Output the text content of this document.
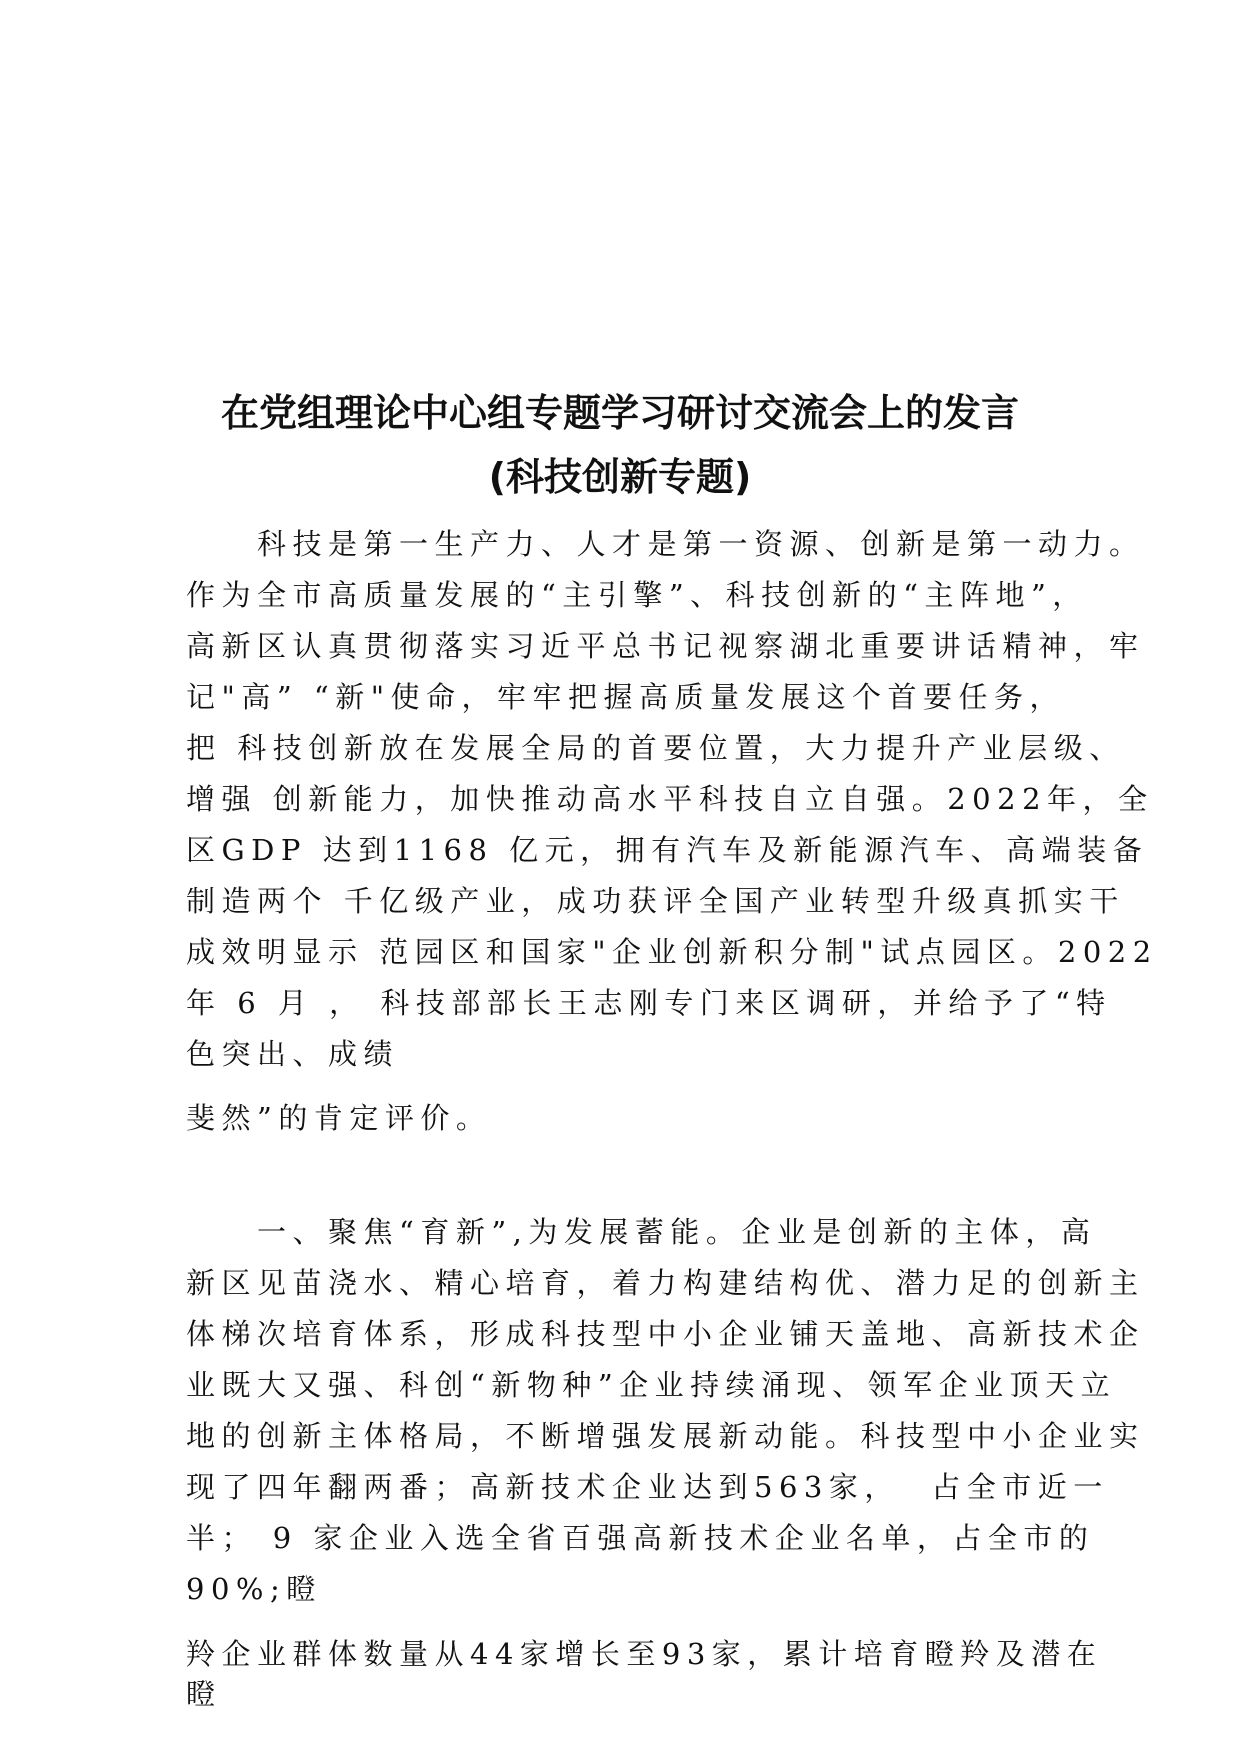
在党组理论中心组专题学习研讨交流会上的发言
(科技创新专题)
　　科技是第一生产力、人才是第一资源、创新是第一动力。
作为全市高质量发展的“主引擎”、科技创新的“主阵地”，
高新区认真贯彻落实习近平总书记视察湖北重要讲话精神，牢
记"高” “新"使命，牢牢把握高质量发展这个首要任务，
把 科技创新放在发展全局的首要位置，大力提升产业层级、
增强 创新能力，加快推动高水平科技自立自强。2022年，全
区GDP 达到1168 亿元，拥有汽车及新能源汽车、高端装备
制造两个 千亿级产业，成功获评全国产业转型升级真抓实干
成效明显示 范园区和国家"企业创新积分制"试点园区。2022
年 6 月 ， 科技部部长王志刚专门来区调研，并给予了“特
色突出、成绩
斐然”的肯定评价。
　　一、聚焦“育新”,为发展蓄能。企业是创新的主体，高
新区见苗浇水、精心培育，着力构建结构优、潜力足的创新主
体梯次培育体系，形成科技型中小企业铺天盖地、高新技术企
业既大又强、科创“新物种”企业持续涌现、领军企业顶天立
地的创新主体格局，不断增强发展新动能。科技型中小企业实
现了四年翻两番；高新技术企业达到563家，  占全市近一
半； 9 家企业入选全省百强高新技术企业名单，占全市的
90%;瞪
羚企业群体数量从44家增长至93家，累计培育瞪羚及潜在
瞪
